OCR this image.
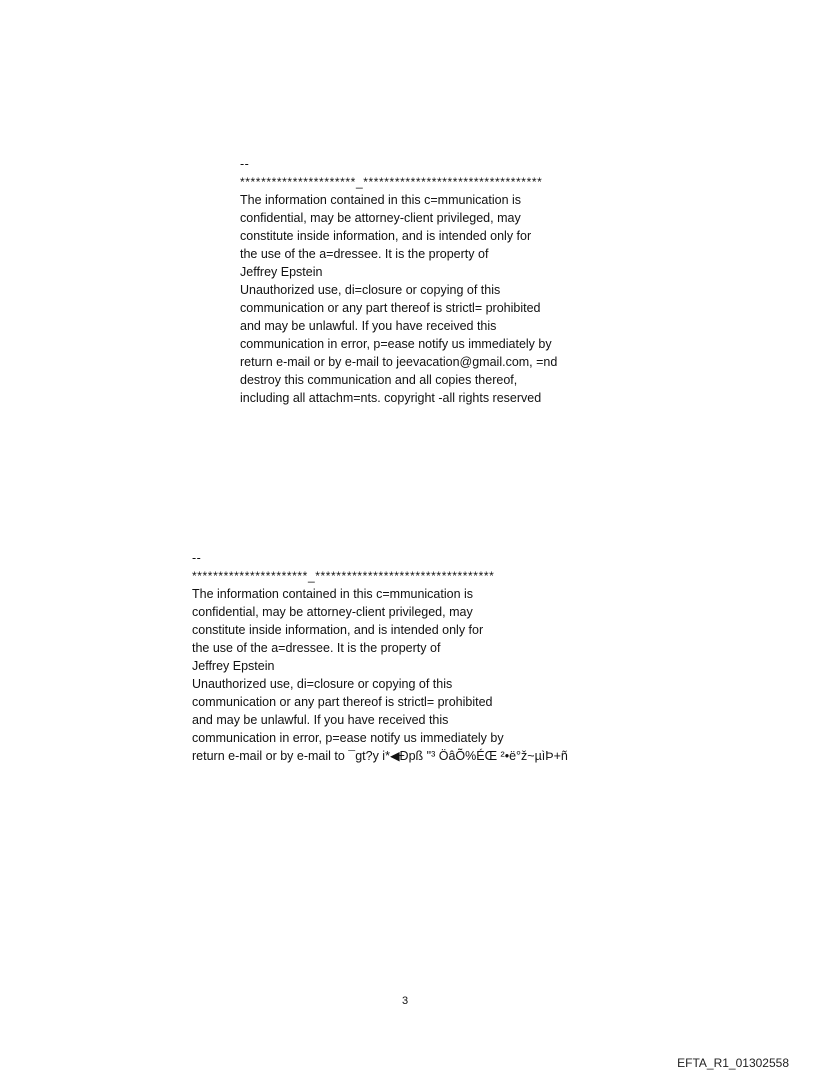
--
**********************_**********************************
The information contained in this c=mmunication is
confidential, may be attorney-client privileged, may
constitute inside information, and is intended only for
the use of the a=dressee. It is the property of
Jeffrey Epstein
Unauthorized use, di=closure or copying of this
communication or any part thereof is strictl= prohibited
and may be unlawful. If you have received this
communication in error, p=ease notify us immediately by
return e-mail or by e-mail to jeevacation@gmail.com, =nd
destroy this communication and all copies thereof,
including all attachm=nts. copyright -all rights reserved
--
**********************_**********************************
The information contained in this c=mmunication is
confidential, may be attorney-client privileged, may
constitute inside information, and is intended only for
the use of the a=dressee. It is the property of
Jeffrey Epstein
Unauthorized use, di=closure or copying of this
communication or any part thereof is strictl= prohibited
and may be unlawful. If you have received this
communication in error, p=ease notify us immediately by
return e-mail or by e-mail to ¯gt?y i*◀Ðpß "³ ÖâÕ%ÉŒ ²•ë°ž~µìÞ+ñ
3
EFTA_R1_01302558
